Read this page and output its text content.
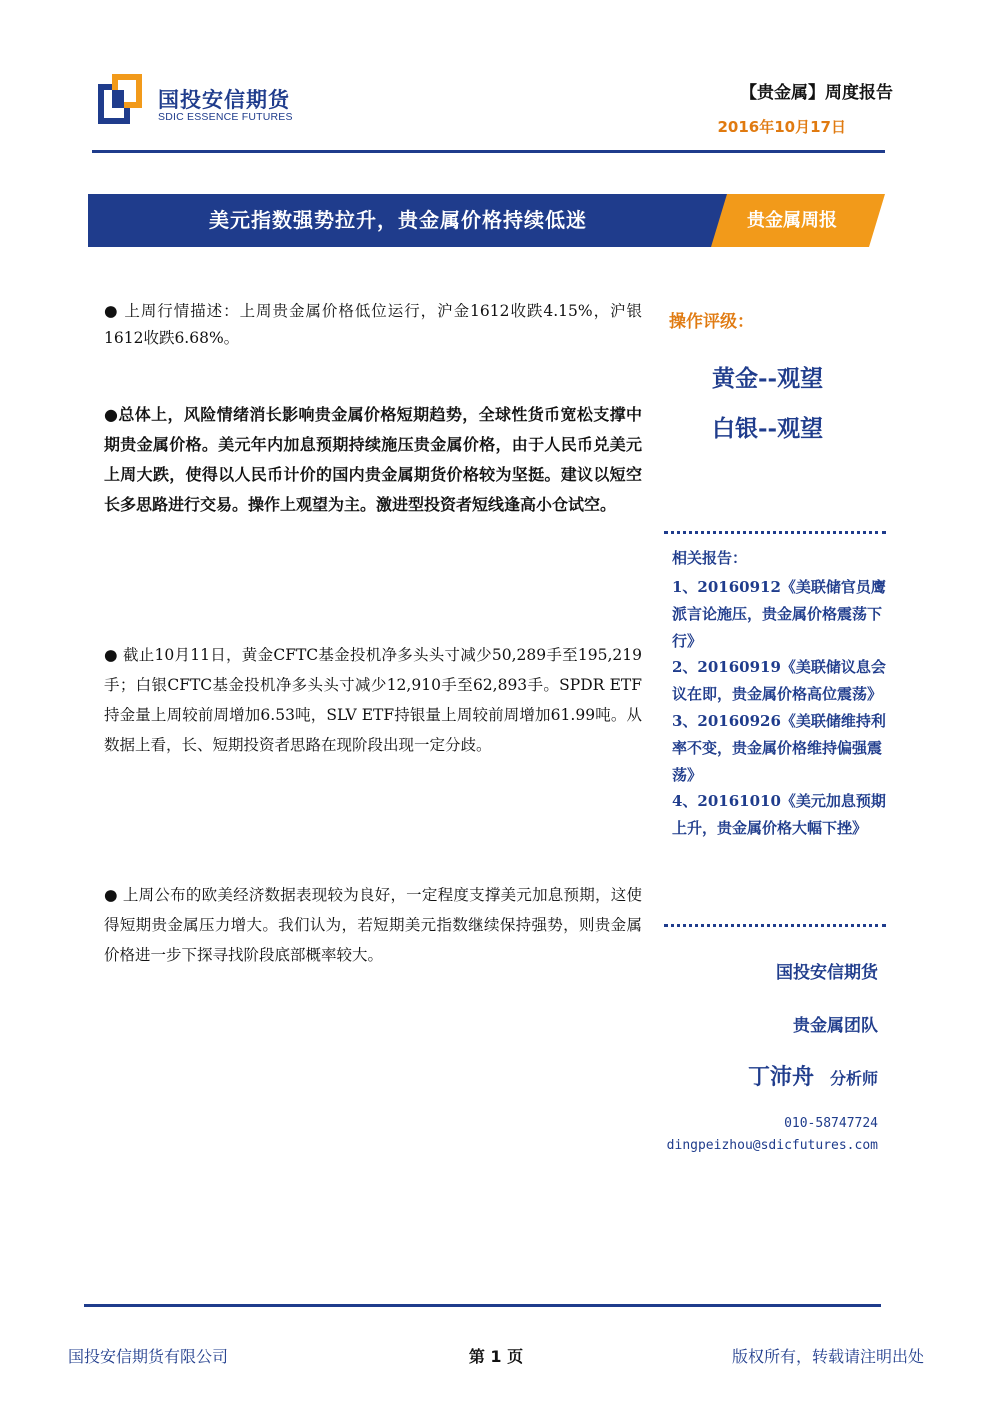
国投安信期货
SDIC ESSENCE FUTURES
【贵金属】周度报告
2016年10月17日
美元指数强势拉升，贵金属价格持续低迷	贵金属周报
● 上周行情描述：上周贵金属价格低位运行，沪金1612收跌4.15%，沪银1612收跌6.68%。
●总体上，风险情绪消长影响贵金属价格短期趋势，全球性货币宽松支撑中期贵金属价格。美元年内加息预期持续施压贵金属价格，由于人民币兑美元上周大跌，使得以人民币计价的国内贵金属期货价格较为坚挺。建议以短空长多思路进行交易。操作上观望为主。激进型投资者短线逢高小仓试空。
● 截止10月11日，黄金CFTC基金投机净多头头寸减少50,289手至195,219手；白银CFTC基金投机净多头头寸减少12,910手至62,893手。SPDR ETF持金量上周较前周增加6.53吨，SLV ETF持银量上周较前周增加61.99吨。从数据上看，长、短期投资者思路在现阶段出现一定分歧。
● 上周公布的欧美经济数据表现较为良好，一定程度支撑美元加息预期，这使得短期贵金属压力增大。我们认为，若短期美元指数继续保持强势，则贵金属价格进一步下探寻找阶段底部概率较大。
操作评级：
黄金--观望
白银--观望
相关报告：
1、20160912《美联储官员鹰派言论施压，贵金属价格震荡下行》
2、20160919《美联储议息会议在即，贵金属价格高位震荡》
3、20160926《美联储维持利率不变，贵金属价格维持偏强震荡》
4、20161010《美元加息预期上升，贵金属价格大幅下挫》
国投安信期货
贵金属团队
丁沛舟 分析师
010-58747724
dingpeizhou@sdicfutures.com
国投安信期货有限公司	第 1 页	版权所有，转载请注明出处
